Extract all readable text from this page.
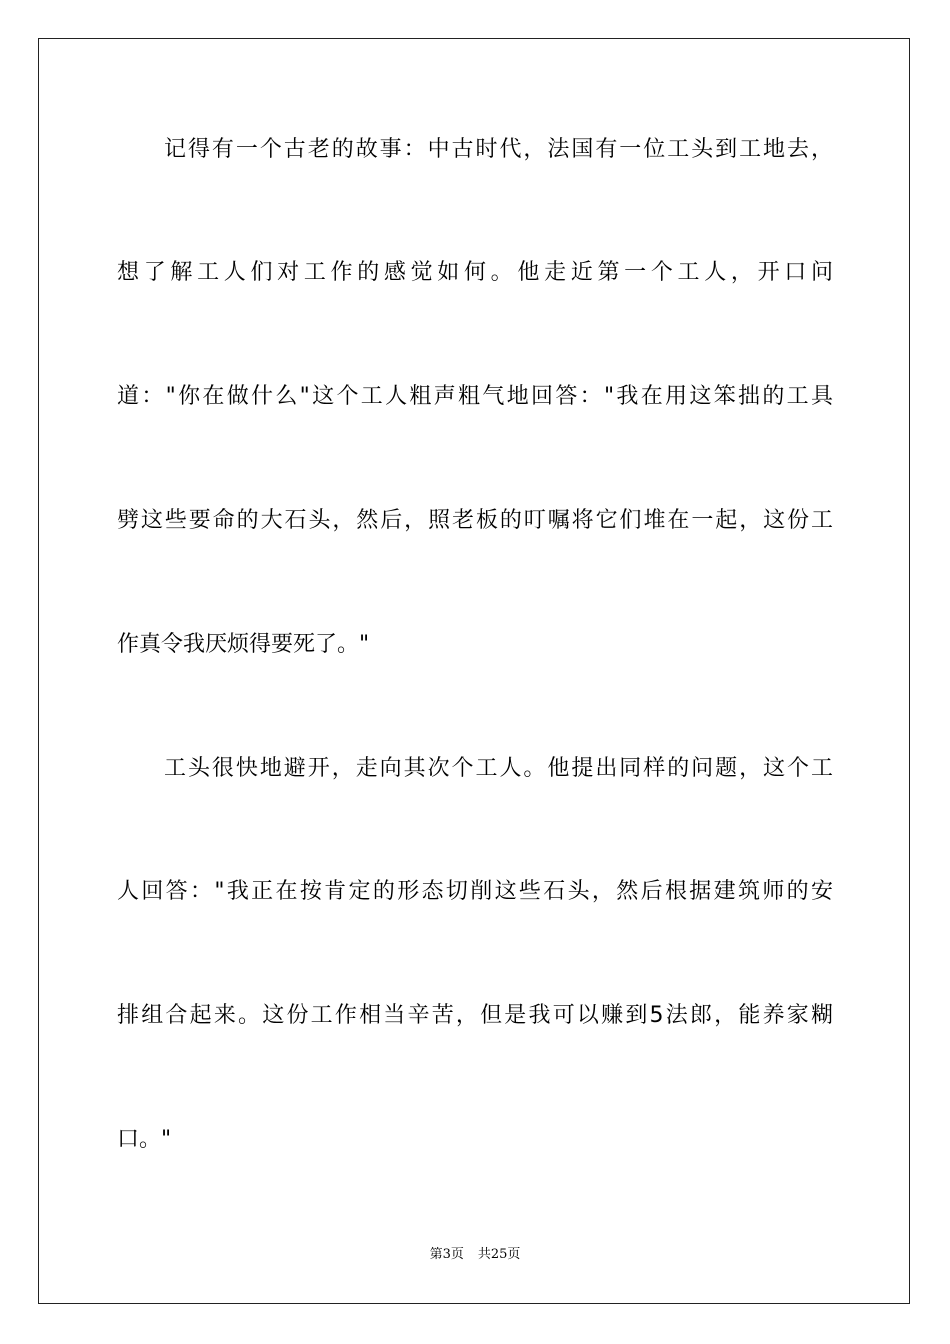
记得有一个古老的故事：中古时代，法国有一位工头到工地去，
想了解工人们对工作的感觉如何。他走近第一个工人，开口问
道："你在做什么"这个工人粗声粗气地回答："我在用这笨拙的工具
劈这些要命的大石头，然后，照老板的叮嘱将它们堆在一起，这份工
作真令我厌烦得要死了。"
工头很快地避开，走向其次个工人。他提出同样的问题，这个工
人回答："我正在按肯定的形态切削这些石头，然后根据建筑师的安
排组合起来。这份工作相当辛苦，但是我可以赚到5法郎，能养家糊
口。"
第3页 共25页
